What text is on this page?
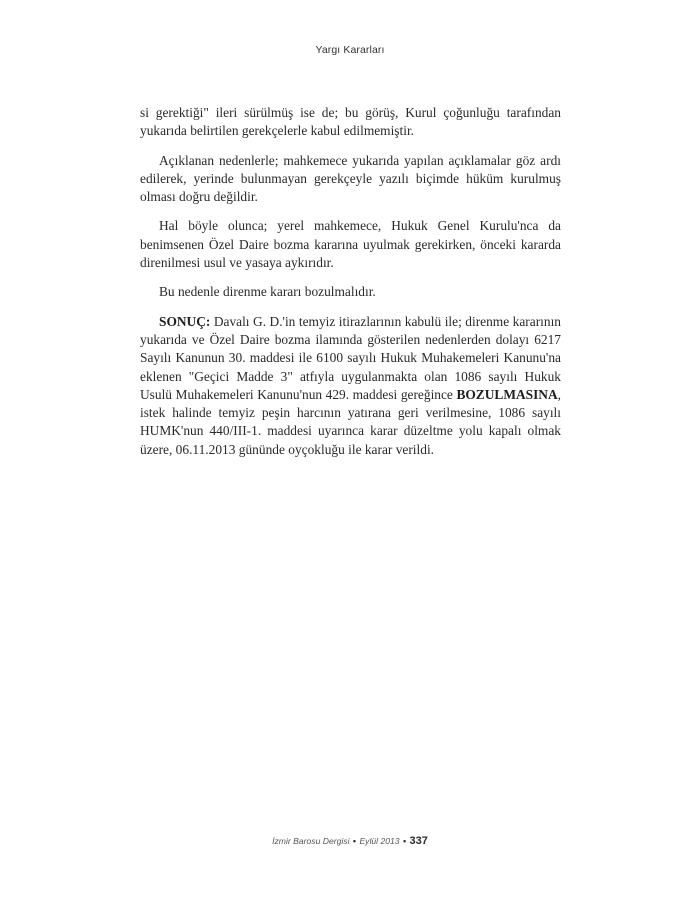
Yargı Kararları

si gerektiği" ileri sürülmüş ise de; bu görüş, Kurul çoğunluğu tarafından yukarıda belirtilen gerekçelerle kabul edilmemiştir.

Açıklanan nedenlerle; mahkemece yukarıda yapılan açıklamalar göz ardı edilerek, yerinde bulunmayan gerekçeyle yazılı biçimde hüküm kurulmuş olması doğru değildir.

Hal böyle olunca; yerel mahkemece, Hukuk Genel Kurulu'nca da benimsenen Özel Daire bozma kararına uyulmak gerekirken, önceki kararda direnilmesi usul ve yasaya aykırıdır.

Bu nedenle direnme kararı bozulmalıdır.

SONUÇ: Davalı G. D.'in temyiz itirazlarının kabulü ile; direnme kararının yukarıda ve Özel Daire bozma ilamında gösterilen nedenlerden dolayı 6217 Sayılı Kanunun 30. maddesi ile 6100 sayılı Hukuk Muhakemeleri Kanunu'na eklenen "Geçici Madde 3" atfıyla uygulanmakta olan 1086 sayılı Hukuk Usulü Muhakemeleri Kanunu'nun 429. maddesi gereğince BOZULMASINA, istek halinde temyiz peşin harcının yatırana geri verilmesine, 1086 sayılı HUMK'nun 440/III-1. maddesi uyarınca karar düzeltme yolu kapalı olmak üzere, 06.11.2013 gününde oyçokluğu ile karar verildi.

İzmir Barosu Dergisi • Eylül 2013 • 337
